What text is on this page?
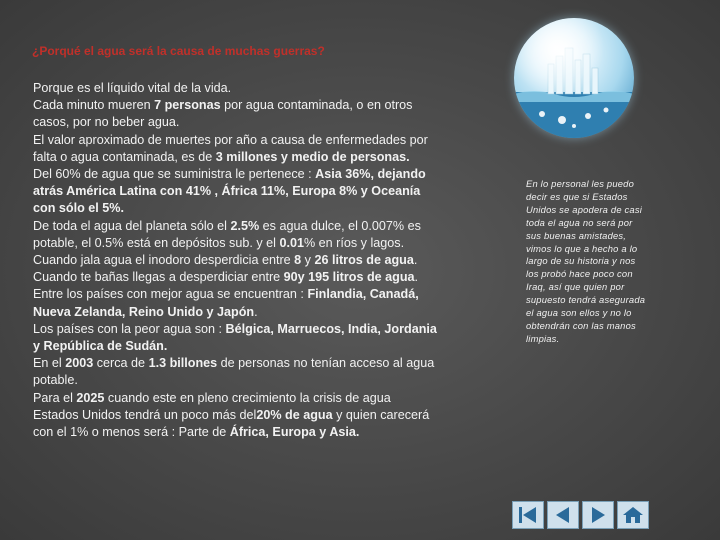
¿Porqué el agua será la causa de muchas guerras?

Porque es el líquido vital de la vida.

Cada minuto mueren 7 personas por agua contaminada, o en otros

casos, por no beber agua.

El valor aproximado de muertes por año a causa de enfermedades por

falta o agua contaminada, es de 3 millones y medio de personas.

Del 60% de agua que se suministra le pertenece : Asia 36%, dejando

atrás América Latina con 41% , África 11%, Europa 8% y Oceanía

con sólo el 5%.

De toda el agua del planeta sólo el 2.5% es agua dulce, el 0.007% es

potable, el 0.5% está en depósitos sub. y el 0.01% en ríos y lagos.

Cuando jala agua el inodoro desperdicia entre 8 y 26 litros de agua.

Cuando te bañas llegas a desperdiciar entre 90y 195 litros de agua.

Entre los países con mejor agua se encuentran : Finlandia, Canadá,

Nueva Zelanda, Reino Unido y Japón.

Los países con la peor agua son : Bélgica, Marruecos, India, Jordania

y República de Sudán.

En el 2003 cerca de 1.3 billones de personas no tenían acceso al agua

potable.

Para el 2025 cuando este en pleno crecimiento la crisis de agua

Estados Unidos tendrá un poco más del20% de agua y quien carecerá

con el 1% o menos será : Parte de África, Europa y Asia.

En lo personal les puedo
decir es que si Estados
Unidos se apodera de casi
toda el agua no será por
sus buenas amistades,
vimos lo que a hecho a lo
largo de su historia y nos
los probó hace poco con
Iraq, así que quien por
supuesto tendrá asegurada
el agua son ellos y no lo
obtendrán con las manos
limpias.
